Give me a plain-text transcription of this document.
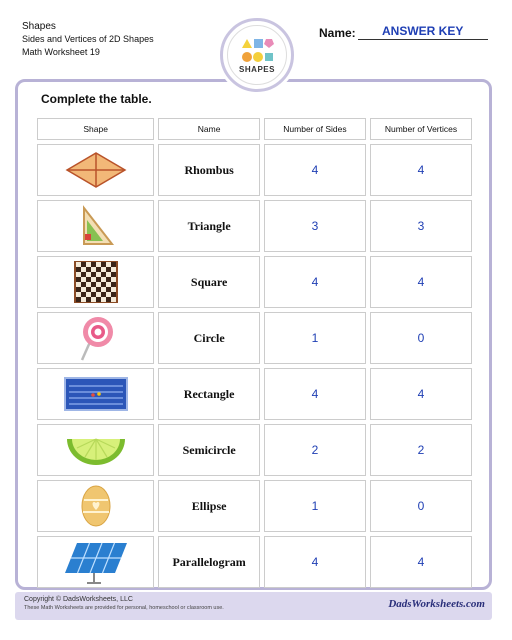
Shapes
Sides and Vertices of 2D Shapes
Math Worksheet 19
Name:	ANSWER KEY
SHAPES
Complete the table.
Shape	Name	Number of Sides	Number of Vertices

	Rhombus	4	4

	Triangle	3	3

	Square	4	4

	Circle	1	0

	Rectangle	4	4

	Semicircle	2	2

	Ellipse	1	0

	Parallelogram	4	4
Copyright © DadsWorksheets, LLC
These Math Worksheets are provided for personal, homeschool or classroom use.	DadsWorksheets.com
